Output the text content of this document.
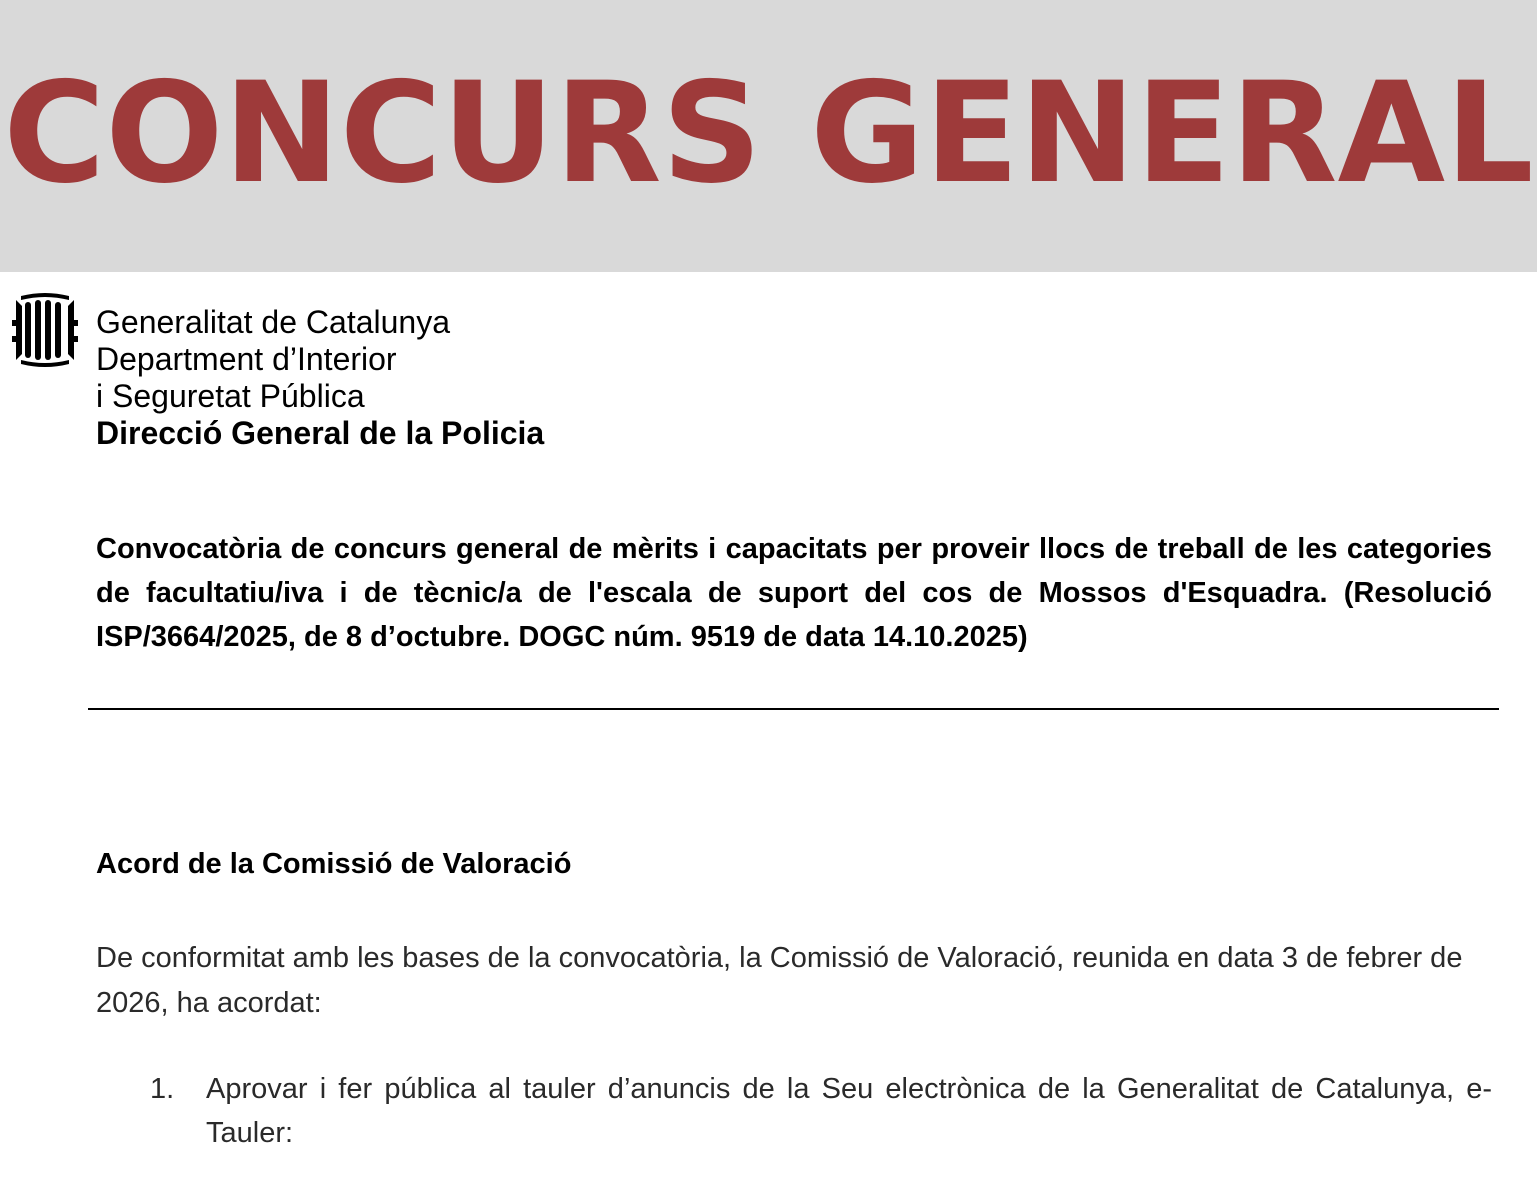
CONCURS GENERAL
Generalitat de Catalunya
Department d’Interior
i Seguretat Pública
Direcció General de la Policia
Convocatòria de concurs general de mèrits i capacitats per proveir llocs de treball de les categories de facultatiu/iva i de tècnic/a de l'escala de suport del cos de Mossos d'Esquadra. (Resolució ISP/3664/2025, de 8 d’octubre. DOGC núm. 9519 de data 14.10.2025)
Acord de la Comissió de Valoració
De conformitat amb les bases de la convocatòria, la Comissió de Valoració, reunida en data 3 de febrer de 2026, ha acordat:
1. Aprovar i fer pública al tauler d’anuncis de la Seu electrònica de la Generalitat de Catalunya, e-Tauler:
